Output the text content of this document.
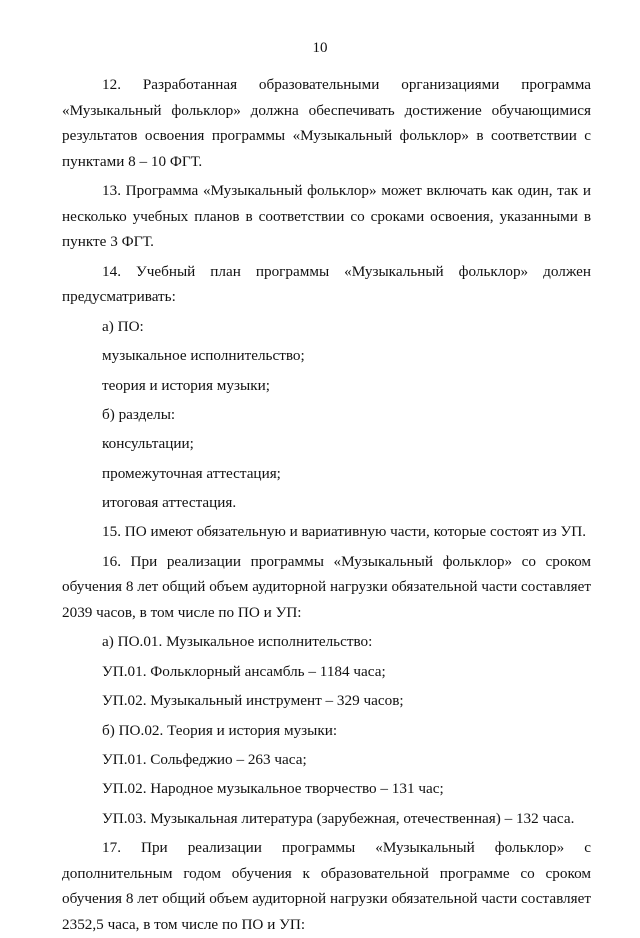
10

12. Разработанная образовательными организациями программа «Музыкальный фольклор» должна обеспечивать достижение обучающимися результатов освоения программы «Музыкальный фольклор» в соответствии с пунктами 8 – 10 ФГТ.

13. Программа «Музыкальный фольклор» может включать как один, так и несколько учебных планов в соответствии со сроками освоения, указанными в пункте 3 ФГТ.

14. Учебный план программы «Музыкальный фольклор» должен предусматривать:

а) ПО:

музыкальное исполнительство;

теория и история музыки;

б) разделы:

консультации;

промежуточная аттестация;

итоговая аттестация.

15. ПО имеют обязательную и вариативную части, которые состоят из УП.

16. При реализации программы «Музыкальный фольклор» со сроком обучения 8 лет общий объем аудиторной нагрузки обязательной части составляет 2039 часов, в том числе по ПО и УП:

а) ПО.01. Музыкальное исполнительство:

УП.01. Фольклорный ансамбль – 1184 часа;

УП.02. Музыкальный инструмент – 329 часов;

б) ПО.02. Теория и история музыки:

УП.01. Сольфеджио – 263 часа;

УП.02. Народное музыкальное творчество – 131 час;

УП.03. Музыкальная литература (зарубежная, отечественная) – 132 часа.

17. При реализации программы «Музыкальный фольклор» с дополнительным годом обучения к образовательной программе со сроком обучения 8 лет общий объем аудиторной нагрузки обязательной части составляет 2352,5 часа, в том числе по ПО и УП:
